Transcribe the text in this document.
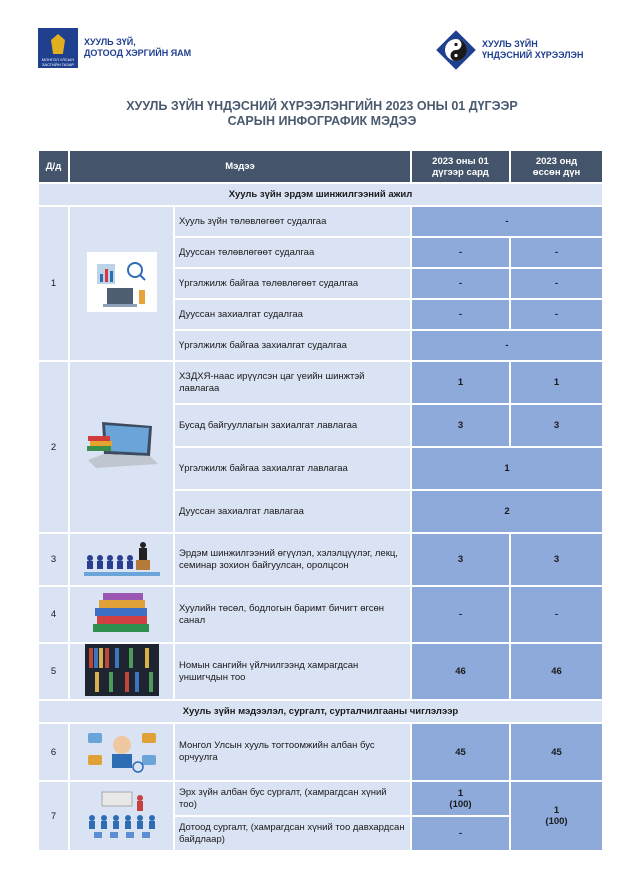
МОНГОЛ УЛСЫН
ЗАСГИЙН ГАЗАР
ХУУЛЬ ЗҮЙ,
ДОТООД ХЭРГИЙН ЯАМ
ХУУЛЬ ЗҮЙН
ҮНДЭСНИЙ ХҮРЭЭЛЭН
ХУУЛЬ ЗҮЙН ҮНДЭСНИЙ ХҮРЭЭЛЭНГИЙН 2023 ОНЫ 01 ДҮГЭЭР
САРЫН ИНФОГРАФИК МЭДЭЭ
Д/д	Мэдээ		2023 оны 01
дүгээр сард	2023 онд
өссөн дүн
Хууль зүйн эрдэм шинжилгээний ажил				
1		Хууль зүйн төлөвлөгөөт судалгаа	-	
		Дууссан төлөвлөгөөт судалгаа	-	-
		Үргэлжилж байгаа төлөвлөгөөт судалгаа	-	-
		Дууссан захиалгат судалгаа	-	-
		Үргэлжилж байгаа захиалгат судалгаа	-	
2		ХЗДХЯ-наас ирүүлсэн цаг үеийн шинжтэй лавлагаа	1	1
		Бусад байгууллагын захиалгат лавлагаа	3	3
		Үргэлжилж байгаа захиалгат лавлагаа	1	
		Дууссан захиалгат лавлагаа	2	
3		Эрдэм шинжилгээний өгүүлэл, хэлэлцүүлэг, лекц, семинар зохион байгуулсан, оролцсон	3	3
4		Хуулийн төсөл, бодлогын баримт бичигт өгсөн санал	-	-
5		Номын сангийн үйлчилгээнд хамрагдсан уншигчдын тоо	46	46
Хууль зүйн мэдээлэл, сургалт, сурталчилгааны чиглэлээр				
6		Монгол Улсын хууль тогтоомжийн албан бус орчуулга	45	45
7		Эрх зүйн албан бус сургалт, (хамрагдсан хүний тоо)	1
(100)	1
(100)
		Дотоод сургалт, (хамрагдсан хүний тоо давхардсан байдлаар)	-	
